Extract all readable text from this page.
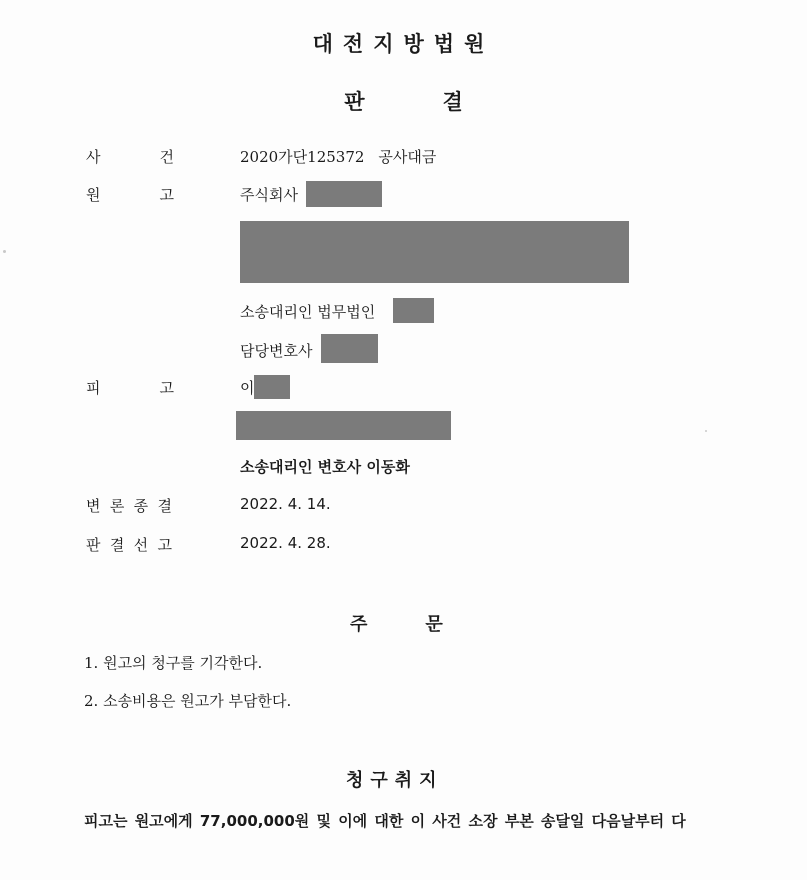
대전지방법원
판	결
사	건	2020가단125372 공사대금
원	고	주식회사
소송대리인 법무법인
담당변호사
피	고	이
소송대리인 변호사 이동화
변 론 종 결	2022. 4. 14.
판 결 선 고	2022. 4. 28.
주	문
1. 원고의 청구를 기각한다.
2. 소송비용은 원고가 부담한다.
청구취지
피고는 원고에게 77,000,000원 및 이에 대한 이 사건 소장 부본 송달일 다음날부터 다
